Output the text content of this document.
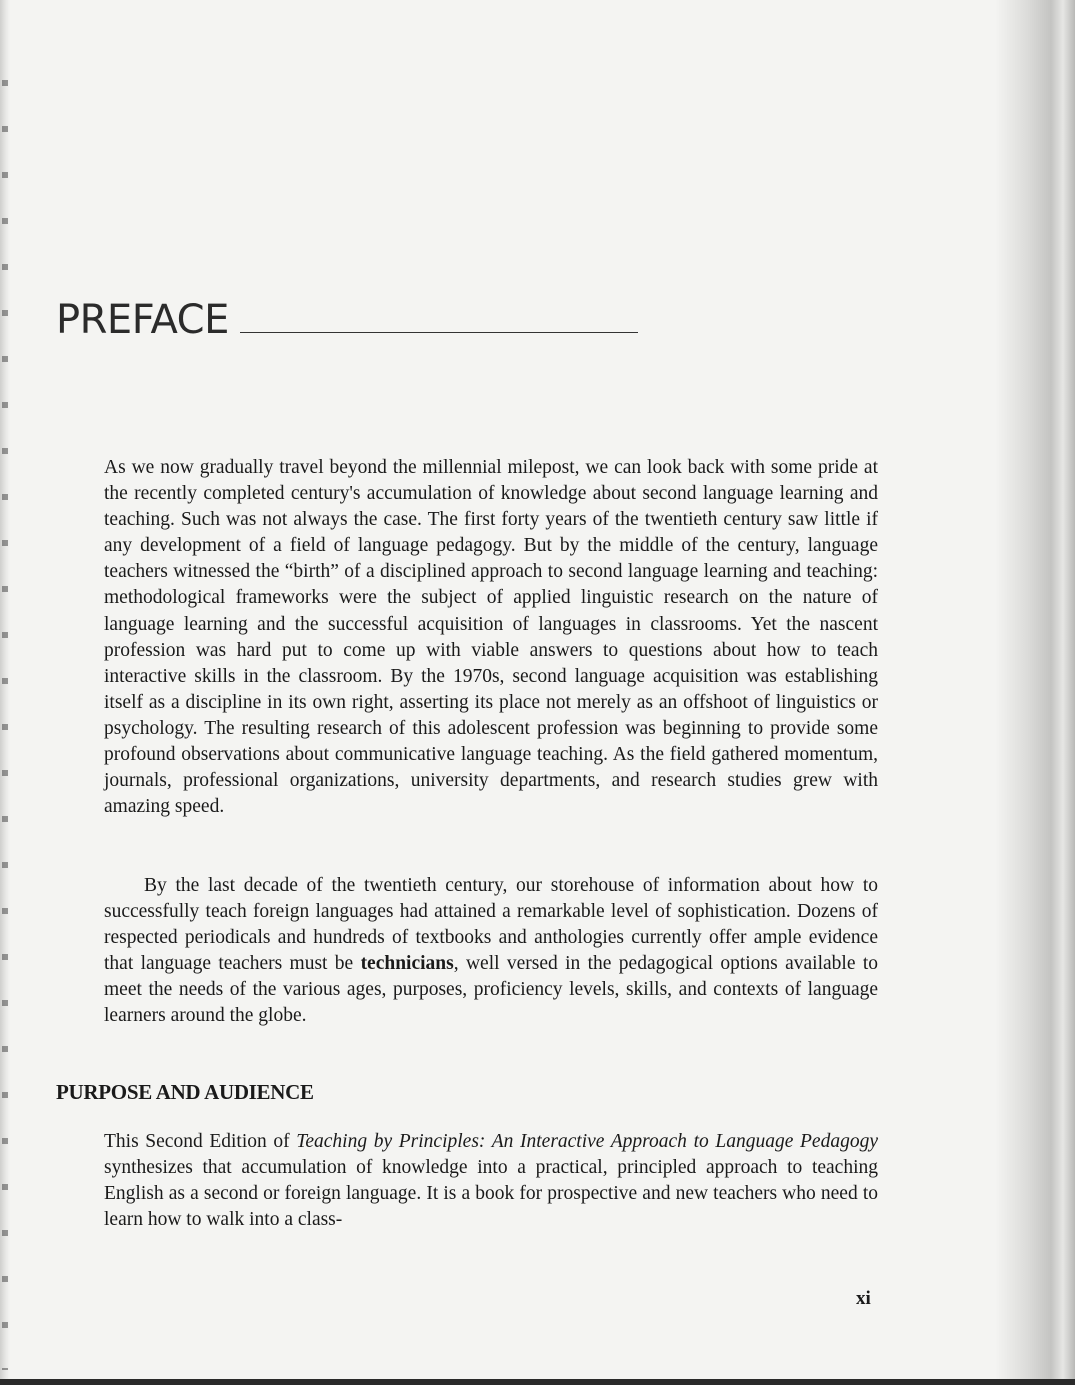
PREFACE

As we now gradually travel beyond the millennial milepost, we can look back with some pride at the recently completed century's accumulation of knowledge about second language learning and teaching. Such was not always the case. The first forty years of the twentieth century saw little if any development of a field of language pedagogy. But by the middle of the century, language teachers witnessed the “birth” of a disciplined approach to second language learning and teaching: methodological frameworks were the subject of applied linguistic research on the nature of language learning and the successful acquisition of languages in classrooms. Yet the nascent profession was hard put to come up with viable answers to questions about how to teach interactive skills in the classroom. By the 1970s, second language acquisition was establishing itself as a discipline in its own right, asserting its place not merely as an offshoot of linguistics or psychology. The resulting research of this adolescent profession was beginning to provide some profound observations about communicative language teaching. As the field gathered momentum, journals, professional organizations, university departments, and research studies grew with amazing speed.

By the last decade of the twentieth century, our storehouse of information about how to successfully teach foreign languages had attained a remarkable level of sophistication. Dozens of respected periodicals and hundreds of textbooks and anthologies currently offer ample evidence that language teachers must be technicians, well versed in the pedagogical options available to meet the needs of the various ages, purposes, proficiency levels, skills, and contexts of language learners around the globe.

PURPOSE AND AUDIENCE

This Second Edition of Teaching by Principles: An Interactive Approach to Language Pedagogy synthesizes that accumulation of knowledge into a practical, principled approach to teaching English as a second or foreign language. It is a book for prospective and new teachers who need to learn how to walk into a class-

xi
